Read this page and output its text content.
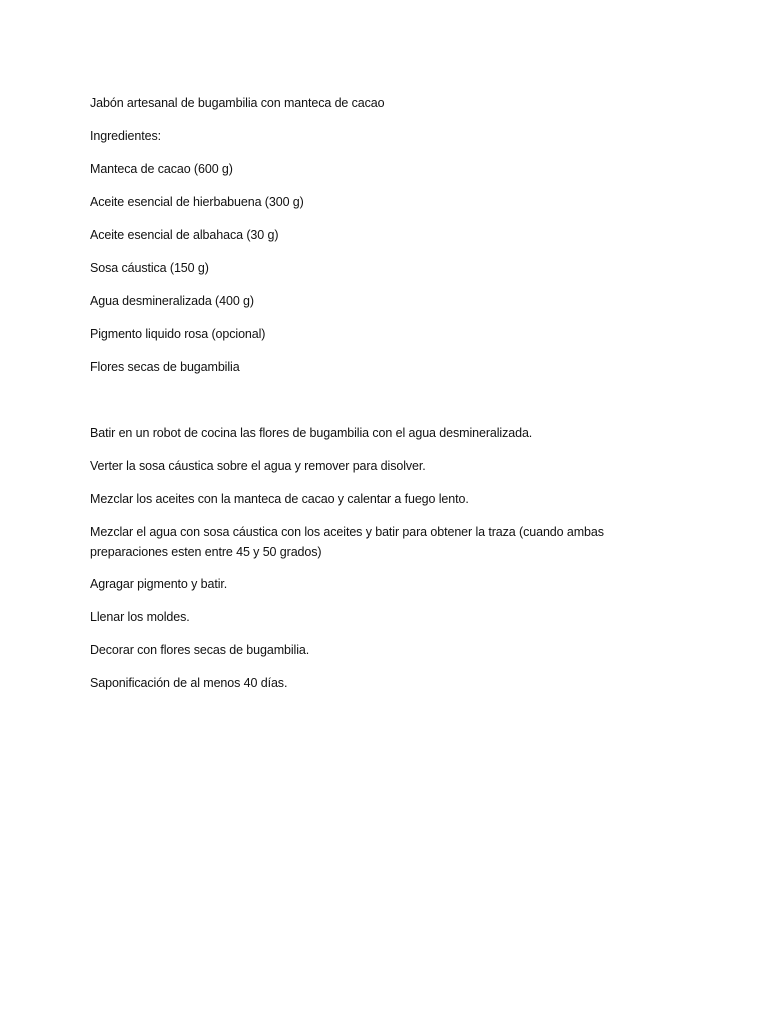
Jabón artesanal de bugambilia con manteca de cacao

Ingredientes:

Manteca de cacao (600 g)

Aceite esencial de hierbabuena (300 g)

Aceite esencial de albahaca (30 g)

Sosa cáustica (150 g)

Agua desmineralizada (400 g)

Pigmento liquido rosa (opcional)

Flores secas de bugambilia

Batir en un robot de cocina las flores de bugambilia con el agua desmineralizada.

Verter la sosa cáustica sobre el agua y remover para disolver.

Mezclar los aceites con la manteca de cacao y calentar a fuego lento.

Mezclar el agua con sosa cáustica con los aceites y batir para obtener la traza (cuando ambas preparaciones esten entre 45 y 50 grados)

Agragar pigmento y batir.

Llenar los moldes.

Decorar con flores secas de bugambilia.

Saponificación de al menos 40 días.
